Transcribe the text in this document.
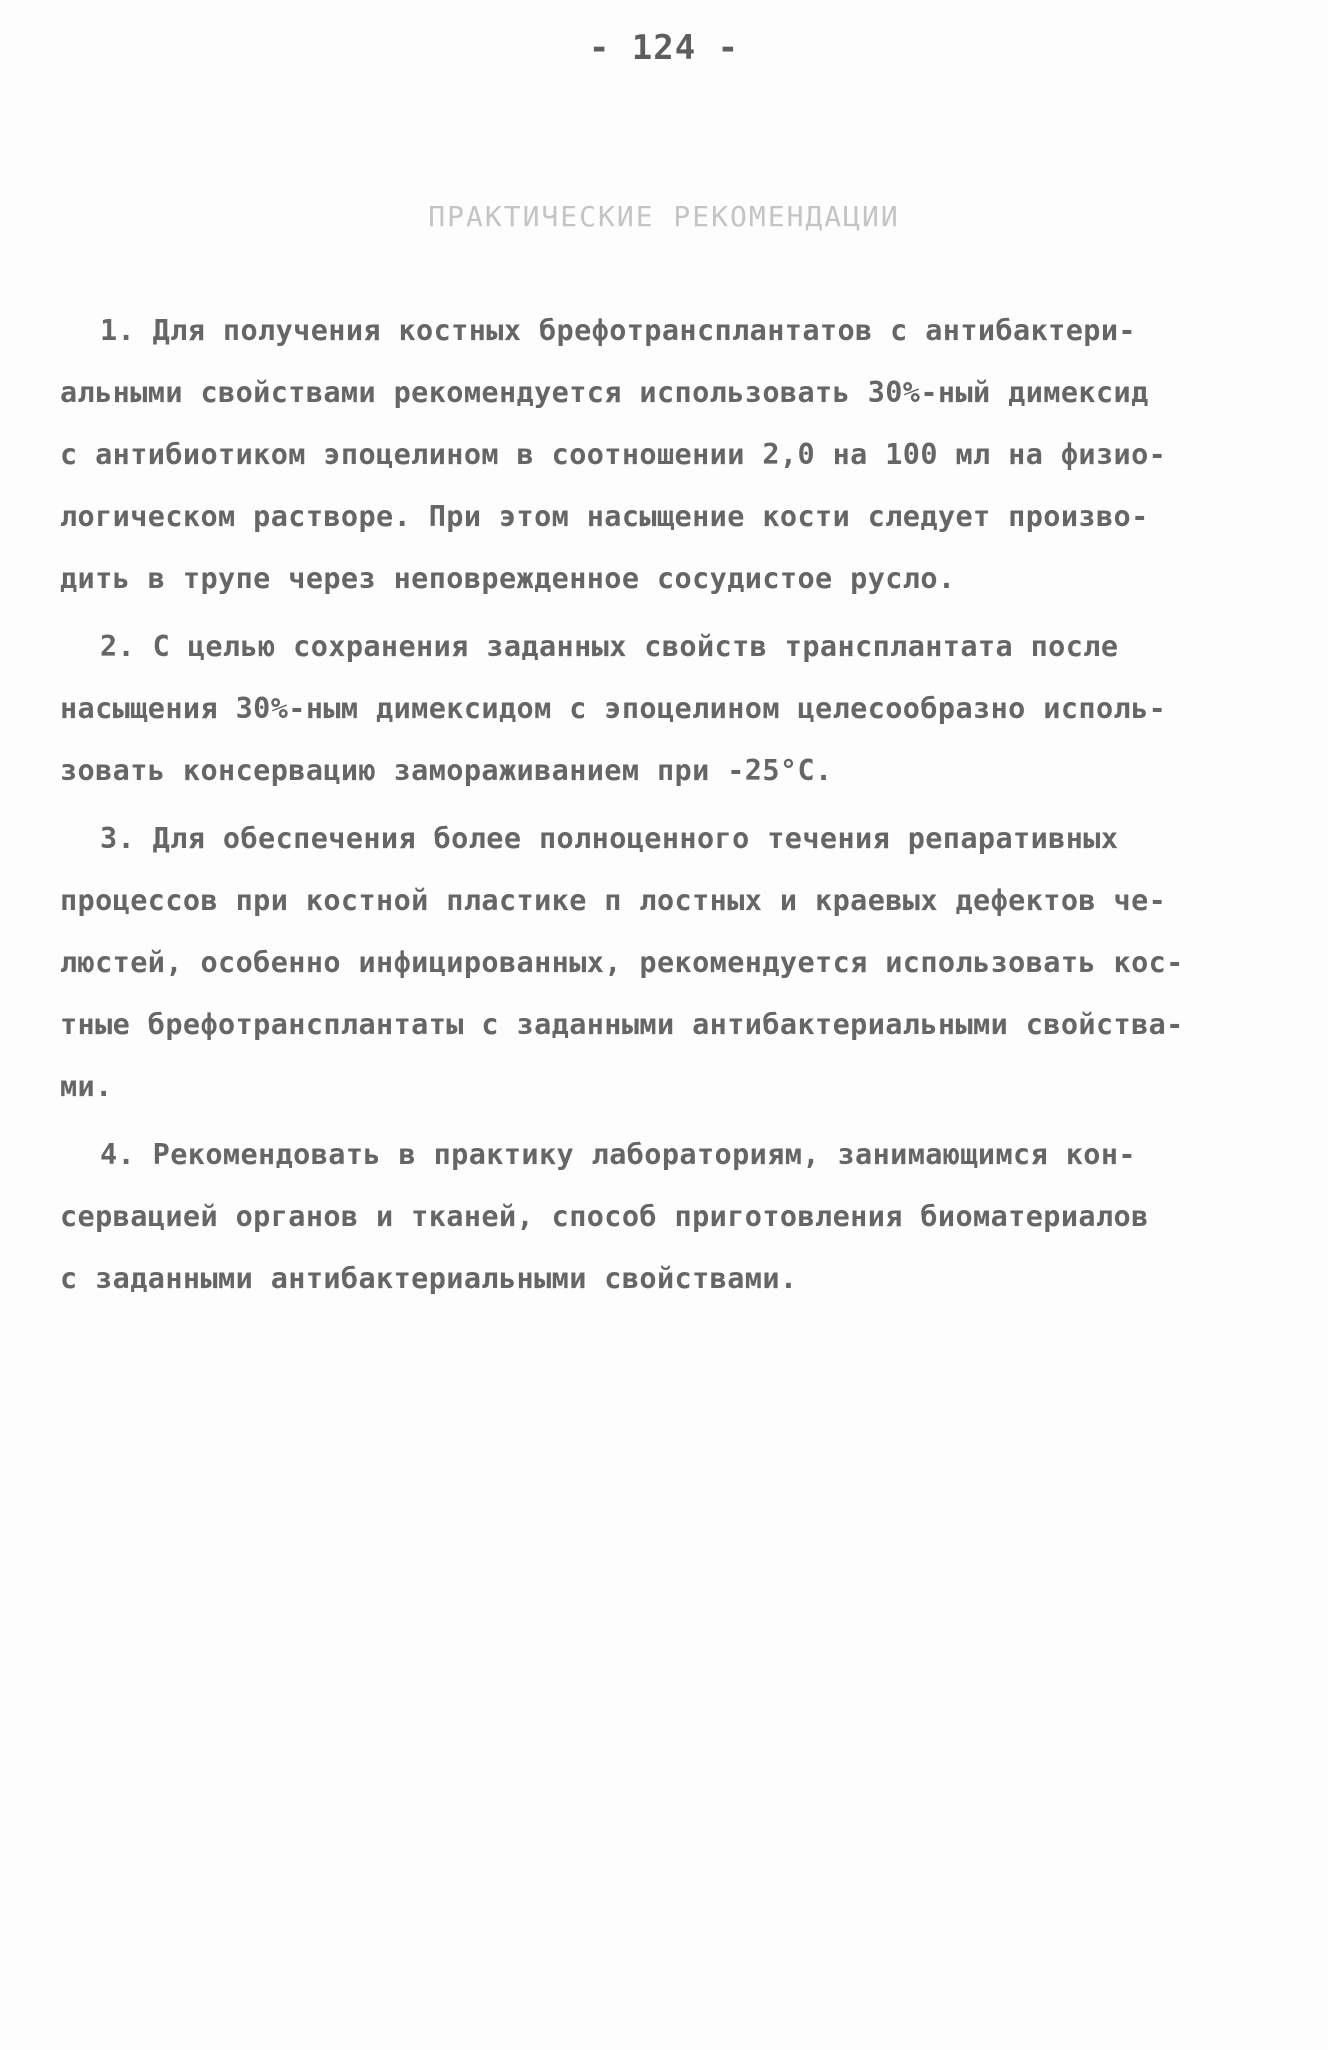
- 124 -
ПРАКТИЧЕСКИЕ РЕКОМЕНДАЦИИ
1. Для получения костных брефотрансплантатов с антибактери-
альными свойствами рекомендуется использовать 30%-ный димексид
с антибиотиком эпоцелином в соотношении 2,0 на 100 мл на физио-
логическом растворе. При этом насыщение кости следует произво-
дить в трупе через неповрежденное сосудистое русло.
2. С целью сохранения заданных свойств трансплантата после
насыщения 30%-ным димексидом с эпоцелином целесообразно исполь-
зовать консервацию замораживанием при -25°С.
3. Для обеспечения более полноценного течения репаративных
процессов при костной пластике п лостных и краевых дефектов че-
люстей, особенно инфицированных, рекомендуется использовать кос-
тные брефотрансплантаты с заданными антибактериальными свойства-
ми.
4. Рекомендовать в практику лабораториям, занимающимся кон-
сервацией органов и тканей, способ приготовления биоматериалов
с заданными антибактериальными свойствами.
